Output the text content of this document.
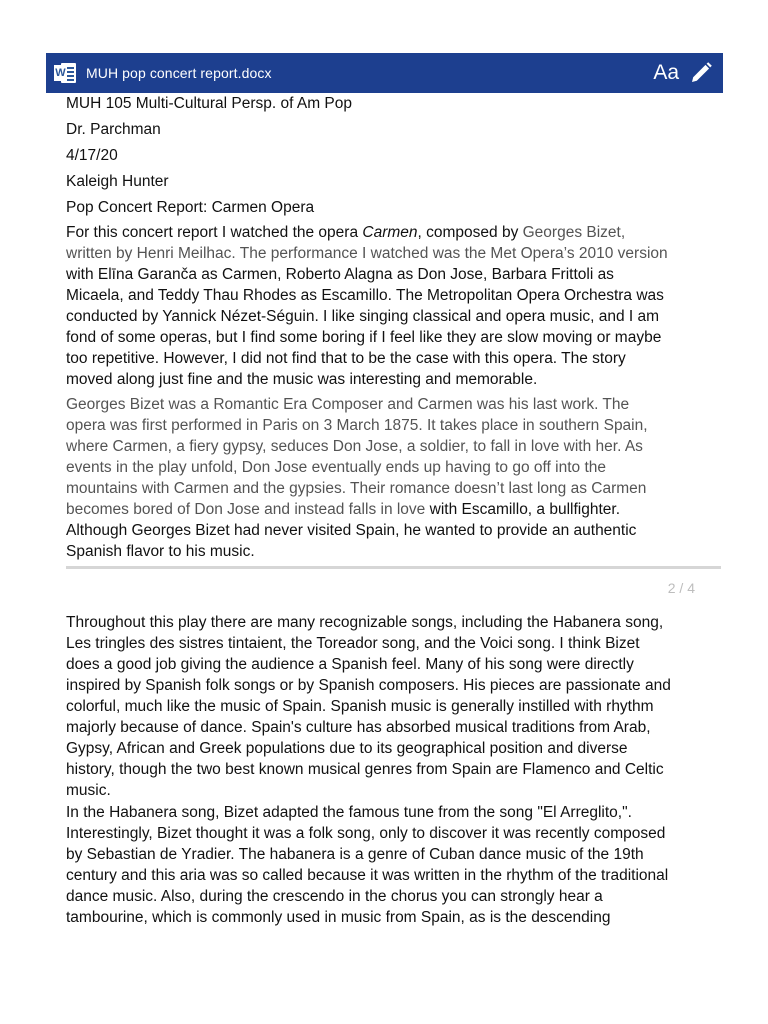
W MUH pop concert report.docx	Aa
MUH 105 Multi-Cultural Persp. of Am Pop
Dr. Parchman
4/17/20
Kaleigh Hunter
Pop Concert Report: Carmen Opera
For this concert report I watched the opera Carmen, composed by Georges Bizet,
written by Henri Meilhac. The performance I watched was the Met Opera’s 2010 version
with Elīna Garanča as Carmen, Roberto Alagna as Don Jose, Barbara Frittoli as
Micaela, and Teddy Thau Rhodes as Escamillo. The Metropolitan Opera Orchestra was
conducted by Yannick Nézet-Séguin. I like singing classical and opera music, and I am
fond of some operas, but I find some boring if I feel like they are slow moving or maybe
too repetitive. However, I did not find that to be the case with this opera. The story
moved along just fine and the music was interesting and memorable.
Georges Bizet was a Romantic Era Composer and Carmen was his last work. The
opera was first performed in Paris on 3 March 1875. It takes place in southern Spain,
where Carmen, a fiery gypsy, seduces Don Jose, a soldier, to fall in love with her. As
events in the play unfold, Don Jose eventually ends up having to go off into the
mountains with Carmen and the gypsies. Their romance doesn’t last long as Carmen
becomes bored of Don Jose and instead falls in love with Escamillo, a bullfighter.
Although Georges Bizet had never visited Spain, he wanted to provide an authentic
Spanish flavor to his music.
2 / 4
Throughout this play there are many recognizable songs, including the Habanera song,
Les tringles des sistres tintaient, the Toreador song, and the Voici song. I think Bizet
does a good job giving the audience a Spanish feel. Many of his song were directly
inspired by Spanish folk songs or by Spanish composers. His pieces are passionate and
colorful, much like the music of Spain. Spanish music is generally instilled with rhythm
majorly because of dance. Spain's culture has absorbed musical traditions from Arab,
Gypsy, African and Greek populations due to its geographical position and diverse
history, though the two best known musical genres from Spain are Flamenco and Celtic
music.
In the Habanera song, Bizet adapted the famous tune from the song "El Arreglito,".
Interestingly, Bizet thought it was a folk song, only to discover it was recently composed
by Sebastian de Yradier. The habanera is a genre of Cuban dance music of the 19th
century and this aria was so called because it was written in the rhythm of the traditional
dance music. Also, during the crescendo in the chorus you can strongly hear a
tambourine, which is commonly used in music from Spain, as is the descending
